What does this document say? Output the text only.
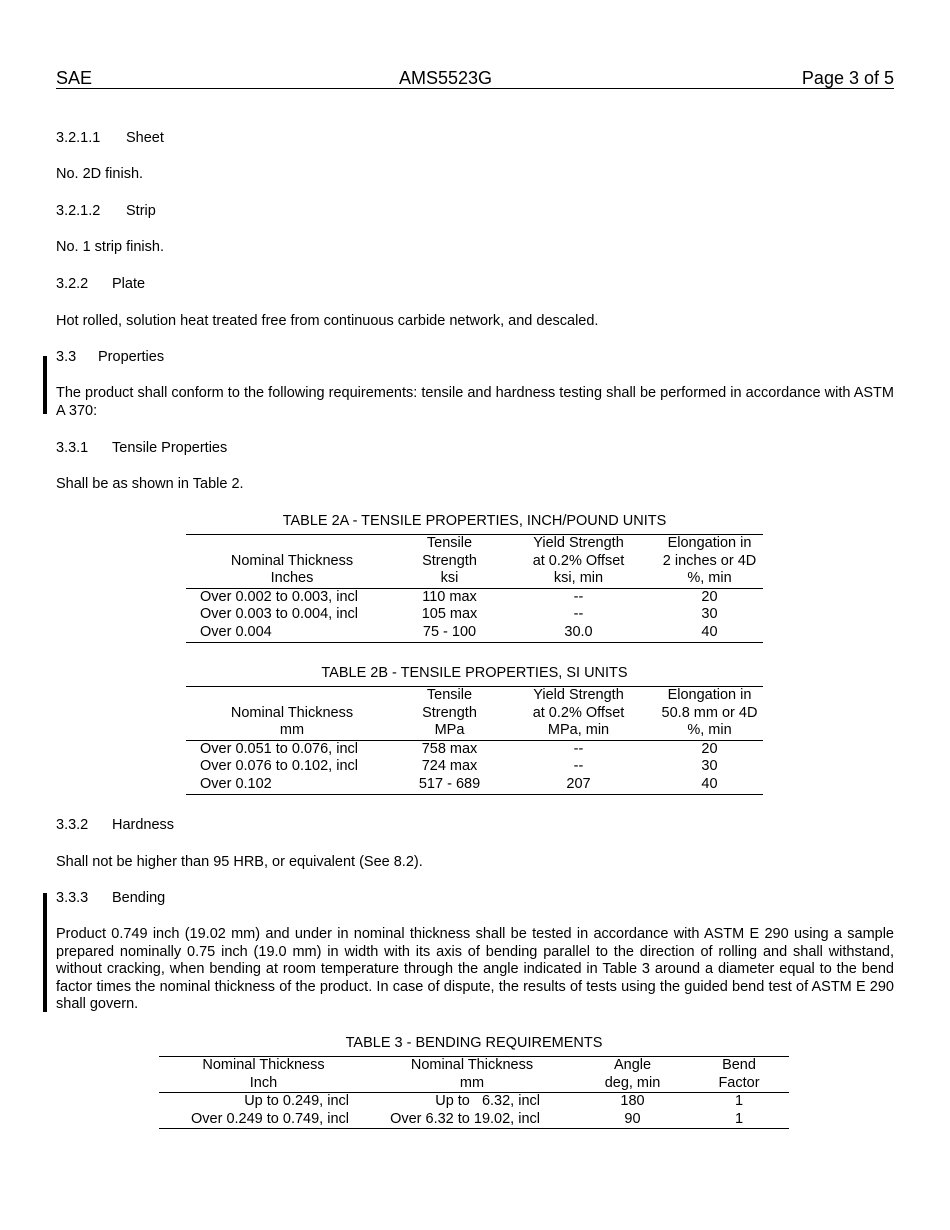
SAE	AMS5523G	Page 3 of 5
3.2.1.1 Sheet
No. 2D finish.
3.2.1.2 Strip
No. 1 strip finish.
3.2.2 Plate
Hot rolled, solution heat treated free from continuous carbide network, and descaled.
3.3 Properties
The product shall conform to the following requirements: tensile and hardness testing shall be performed in accordance with ASTM A 370:
3.3.1 Tensile Properties
Shall be as shown in Table 2.
TABLE 2A - TENSILE PROPERTIES, INCH/POUND UNITS
	Tensile	Yield Strength	Elongation in
Nominal Thickness	Strength	at 0.2% Offset	2 inches or 4D
Inches	ksi	ksi, min	%, min
Over 0.002 to 0.003, incl	110 max	--	20
Over 0.003 to 0.004, incl	105 max	--	30
Over 0.004	75 - 100	30.0	40
TABLE 2B - TENSILE PROPERTIES, SI UNITS
	Tensile	Yield Strength	Elongation in
Nominal Thickness	Strength	at 0.2% Offset	50.8 mm or 4D
mm	MPa	MPa, min	%, min
Over 0.051 to 0.076, incl	758 max	--	20
Over 0.076 to 0.102, incl	724 max	--	30
Over 0.102	517 - 689	207	40
3.3.2 Hardness
Shall not be higher than 95 HRB, or equivalent (See 8.2).
3.3.3 Bending
Product 0.749 inch (19.02 mm) and under in nominal thickness shall be tested in accordance with ASTM E 290 using a sample prepared nominally 0.75 inch (19.0 mm) in width with its axis of bending parallel to the direction of rolling and shall withstand, without cracking, when bending at room temperature through the angle indicated in Table 3 around a diameter equal to the bend factor times the nominal thickness of the product. In case of dispute, the results of tests using the guided bend test of ASTM E 290 shall govern.
TABLE 3 - BENDING REQUIREMENTS
Nominal Thickness	Nominal Thickness	Angle	Bend
Inch	mm	deg, min	Factor
Up to 0.249, incl	Up to   6.32, incl	180	1
Over 0.249 to 0.749, incl	Over 6.32 to 19.02, incl	90	1
